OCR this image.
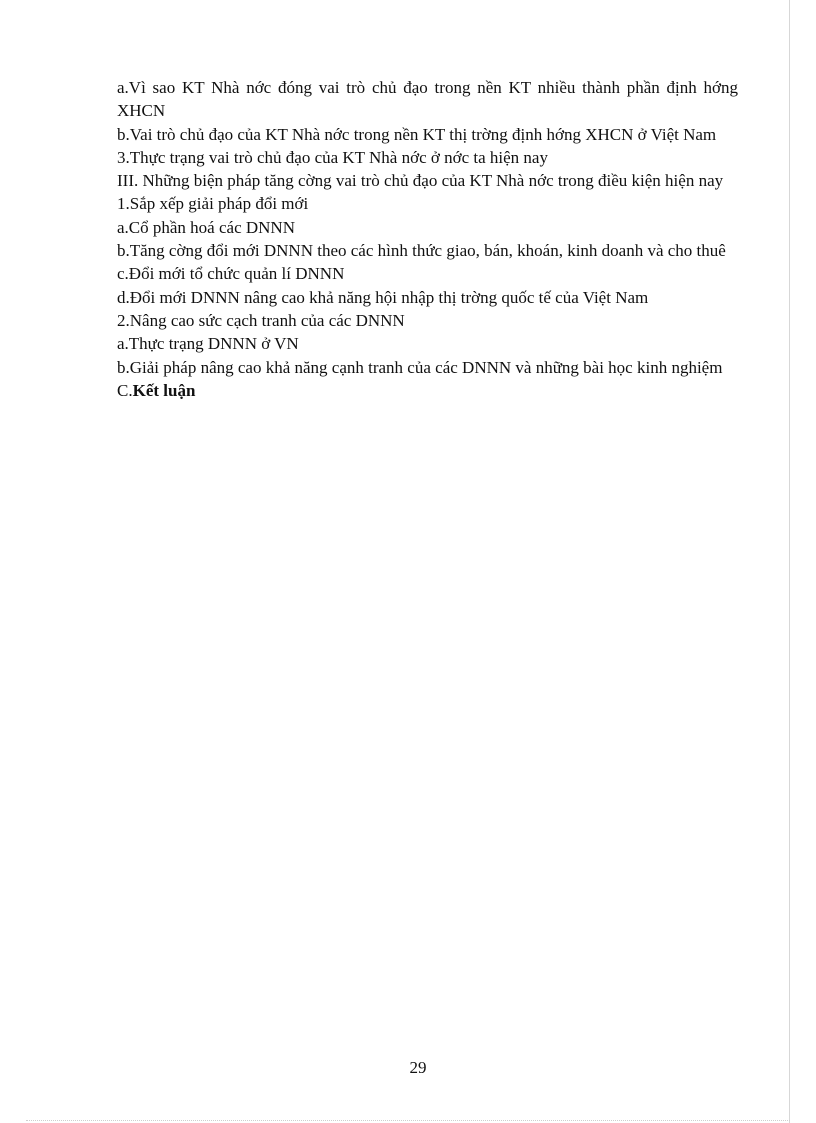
a.Vì sao KT Nhà nớc đóng vai trò chủ đạo trong nền KT nhiều thành phần định hớng XHCN

b.Vai trò chủ đạo của KT Nhà nớc trong nền KT thị trờng định hớng XHCN ở Việt Nam

3.Thực trạng vai trò chủ đạo của KT Nhà nớc ở nớc ta hiện nay

III. Những biện pháp tăng cờng vai trò chủ đạo của KT Nhà nớc trong điều kiện hiện nay

1.Sắp xếp giải pháp đổi mới

a.Cổ phần hoá các DNNN

b.Tăng cờng đổi mới DNNN theo các hình thức giao, bán, khoán, kinh doanh và cho thuê

c.Đổi mới tổ chức quản lí DNNN

d.Đổi mới DNNN nâng cao khả năng hội nhập thị trờng quốc tế của Việt Nam

2.Nâng cao sức cạch tranh của các DNNN

a.Thực trạng DNNN ở VN

b.Giải pháp nâng cao khả năng cạnh tranh của các DNNN và những bài học kinh nghiệm

C.Kết luận

29
